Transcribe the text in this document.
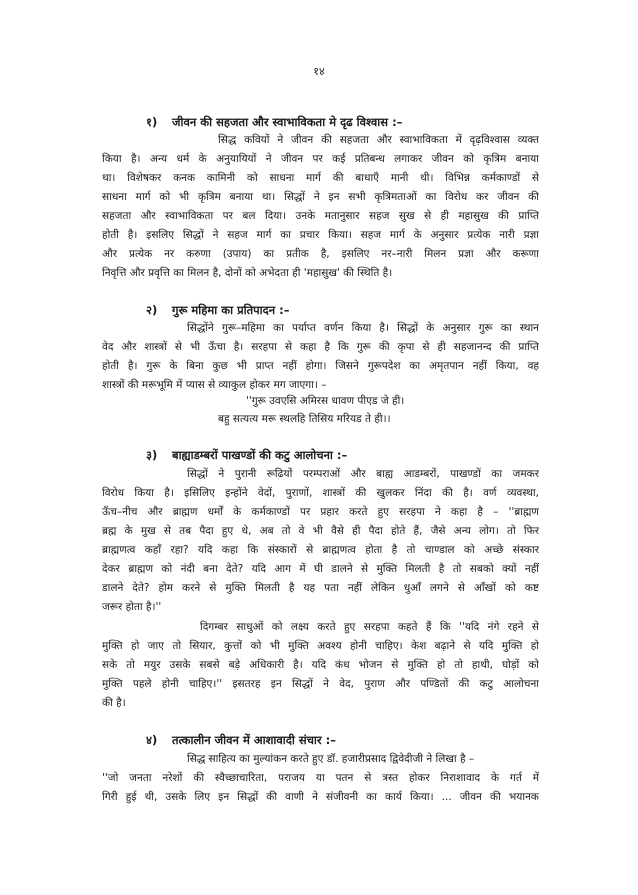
१४
१) जीवन की सहजता और स्वाभाविकता मे दृढ विश्वास :–
सिद्ध कवियों ने जीवन की सहजता और स्वाभाविकता में दृढ़विश्वास व्यक्त
किया है। अन्य धर्म के अनुयायियों ने जीवन पर कई प्रतिबन्ध लगाकर जीवन को कृत्रिम बनाया
था। विशेषकर कनक कामिनी को साधना मार्ग की बाधाएँ मानी थी। विभिन्न कर्मकाण्डों से
साधना मार्ग को भी कृत्रिम बनाया था। सिद्धों ने इन सभी कृत्रिमताओं का विरोध कर जीवन की
सहजता और स्वाभाविकता पर बल दिया। उनके मतानुसार सहज सुख से ही महासुख की प्राप्ति
होती है। इसलिए सिद्धों ने सहज मार्ग का प्रचार किया। सहज मार्ग के अनुसार प्रत्येक नारी प्रज्ञा
और प्रत्येक नर करुणा (उपाय) का प्रतीक है, इसलिए नर–नारी मिलन प्रज्ञा और करूणा
निवृत्ति और प्रवृत्ति का मिलन है, दोनों को अभेदता ही 'महासुख' की स्थिति है।
२) गुरू महिमा का प्रतिपादन :–
सिद्धोंने गुरू–महिमा का पर्याप्त वर्णन किया है। सिद्धों के अनुसार गुरू का स्थान
वेद और शास्त्रों से भी ऊँचा है। सरहपा से कहा है कि गुरू की कृपा से ही सहजानन्द की प्राप्ति
होती है। गुरू के बिना कुछ भी प्राप्त नहीं होगा। जिसने गुरूपदेश का अमृतपान नहीं किया, वह
शास्त्रों की मरूभूमि में प्यास से व्याकुल होकर मग जाएगा। –
''गुरू उवएसि अमिरस धावण पीएड जे ही।
बहु सत्यत्य मरू स्थलहि तिसिय मरियड ते ही।।
३) बाह्याडम्बरों पाखण्डों की कटु आलोचना :–
सिद्धों ने पुरानी रूढियों परम्पराओं और बाह्य आडम्बरों, पाखण्डों का जमकर
विरोध किया है। इसिलिए इन्होंने वेदों, पुराणों, शास्त्रों की खुलकर निंदा की है। वर्ण व्यवस्था,
ऊँच–नीच और ब्राह्मण धर्मों के कर्मकाण्डों पर प्रहार करते हुए सरहपा ने कहा है – ''ब्राह्मण
ब्रह्म के मुख से तब पैदा हुए थे, अब तो वे भी वैसे ही पैदा होते हैं, जैसे अन्य लोग। तो फिर
ब्राह्मणत्व कहाँ रहा? यदि कहा कि संस्कारों से ब्राह्मणत्व होता है तो चाण्डाल को अच्छे संस्कार
देकर ब्राह्मण को नंदी बना देते? यदि आग में घी डालने से मुक्ति मिलती है तो सबको क्यों नहीं
डालने देते? होम करने से मुक्ति मिलती है यह पता नहीं लेकिन धुआँ लगने से आँखों को कष्ट
जरूर होता है।''
दिगम्बर साधुओं को लक्ष्य करते हुए सरहपा कहते हैं कि ''यदि नंगे रहने से
मुक्ति हो जाए तो सियार, कुत्तों को भी मुक्ति अवश्य होनी चाहिए। केश बढ़ाने से यदि मुक्ति हो
सके तो मयुर उसके सबसे बड़े अधिकारी है। यदि कंध भोजन से मुक्ति हो तो हाथी, घोड़ों को
मुक्ति पहले होनी चाहिए।'' इसतरह इन सिद्धों ने वेद, पुराण और पण्डितों की कटु आलोचना
की है।
४) तत्कालीन जीवन में आशावादी संचार :–
सिद्ध साहित्य का मुल्यांकन करते हुए डॉ. हजारीप्रसाद द्विवेदीजी ने लिखा है –
''जो जनता नरेशों की स्वैच्छाचारिता, पराजय या पतन से त्रस्त होकर निराशावाद के गर्त में
गिरी हुई थी, उसके लिए इन सिद्धों की वाणी ने संजीवनी का कार्य किया। ... जीवन की भयानक
